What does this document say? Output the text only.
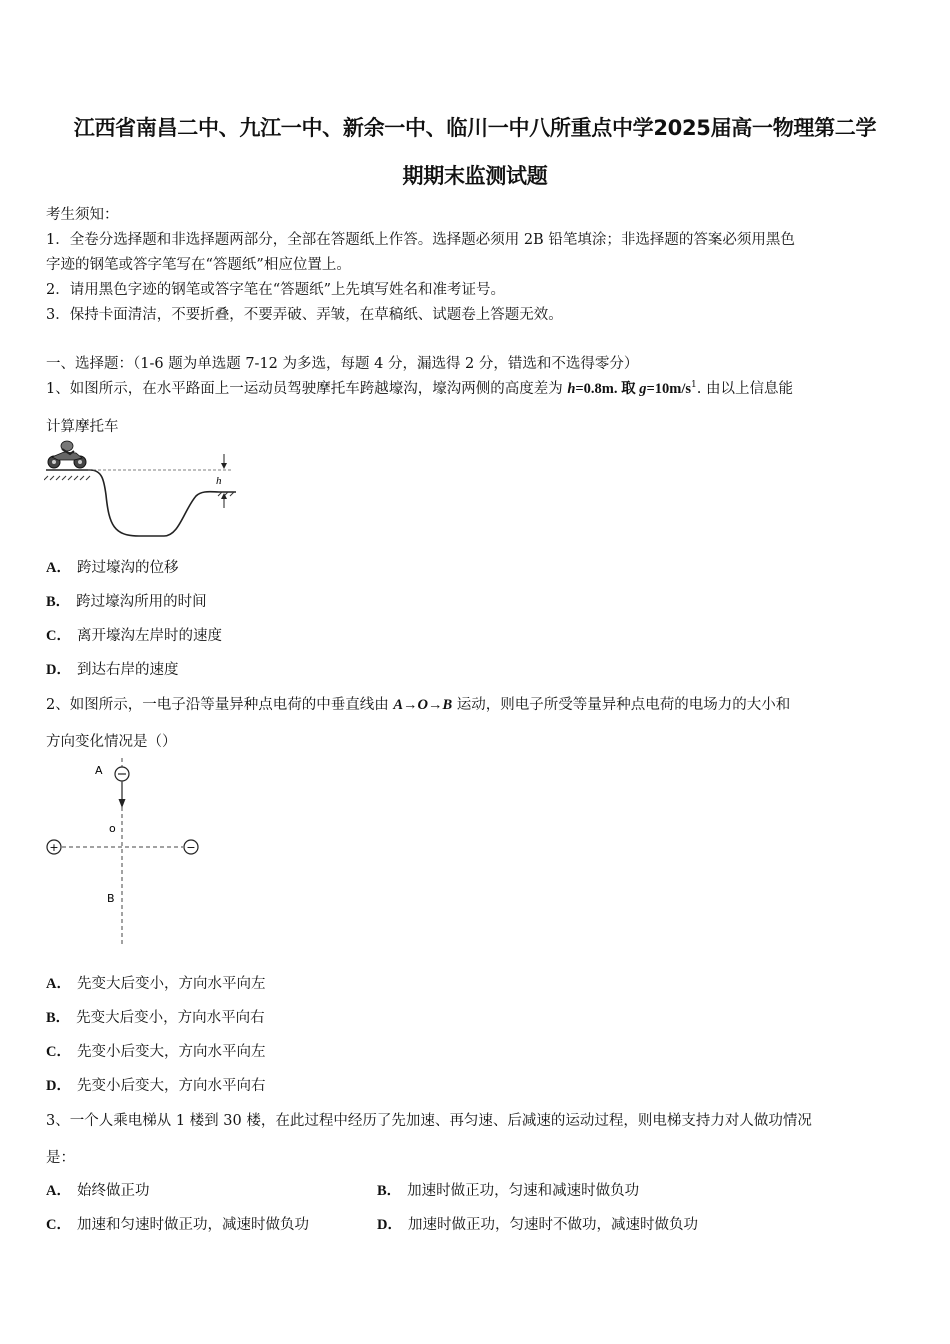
江西省南昌二中、九江一中、新余一中、临川一中八所重点中学2025届高一物理第二学
期期末监测试题
考生须知：
1．全卷分选择题和非选择题两部分，全部在答题纸上作答。选择题必须用 2B 铅笔填涂；非选择题的答案必须用黑色
字迹的钢笔或答字笔写在“答题纸”相应位置上。
2．请用黑色字迹的钢笔或答字笔在“答题纸”上先填写姓名和准考证号。
3．保持卡面清洁，不要折叠，不要弄破、弄皱，在草稿纸、试题卷上答题无效。
一、选择题：（1-6 题为单选题 7-12 为多选，每题 4 分，漏选得 2 分，错选和不选得零分）
1、如图所示，在水平路面上一运动员驾驶摩托车跨越壕沟，壕沟两侧的高度差为 h=0.8m. 取 $g=10m/s^1$. 由以上信息能
计算摩托车
h
A． 跨过壕沟的位移
B． 跨过壕沟所用的时间
C． 离开壕沟左岸时的速度
D． 到达右岸的速度
2、如图所示，一电子沿等量异种点电荷的中垂直线由 A→O→B 运动，则电子所受等量异种点电荷的电场力的大小和
方向变化情况是（）
A
o
B
+	−
A． 先变大后变小，方向水平向左
B． 先变大后变小，方向水平向右
C． 先变小后变大，方向水平向左
D． 先变小后变大，方向水平向右
3、一个人乘电梯从 1 楼到 30 楼，在此过程中经历了先加速、再匀速、后减速的运动过程，则电梯支持力对人做功情况
是：
A． 始终做正功	B． 加速时做正功，匀速和减速时做负功
C． 加速和匀速时做正功，减速时做负功	D． 加速时做正功，匀速时不做功，减速时做负功
